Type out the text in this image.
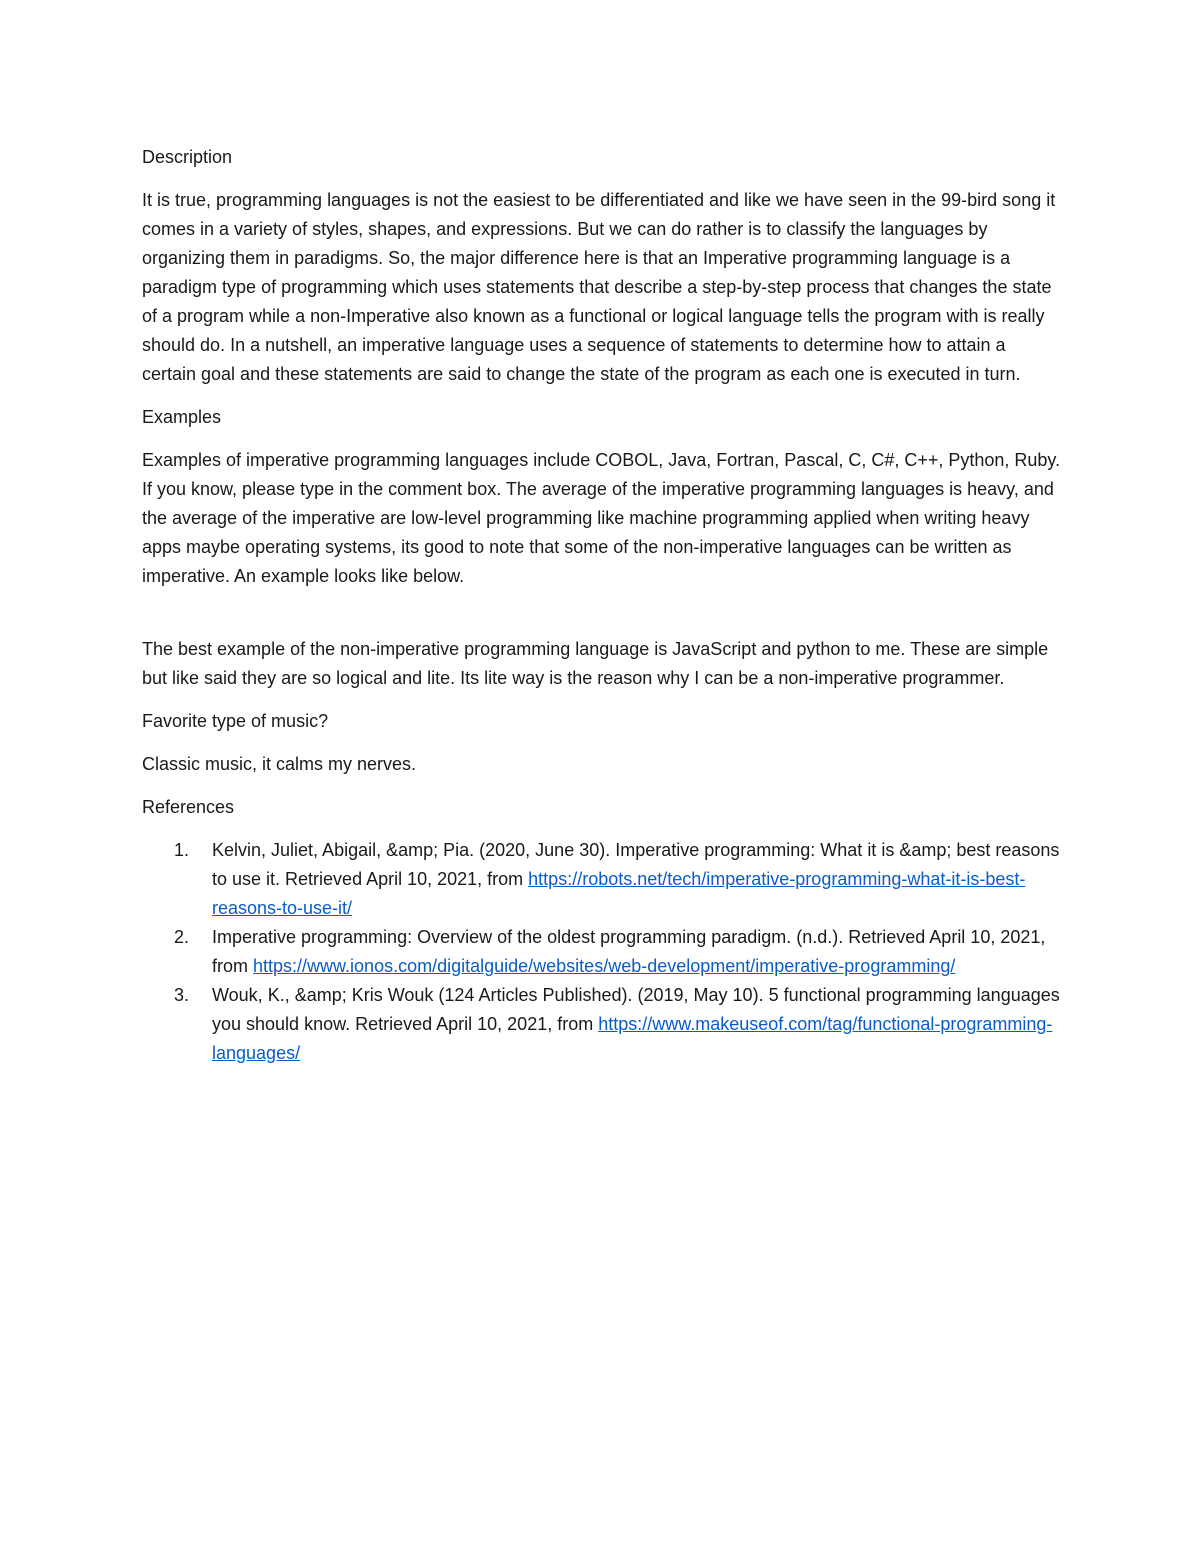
Description

It is true, programming languages is not the easiest to be differentiated and like we have seen in the 99-bird song it comes in a variety of styles, shapes, and expressions. But we can do rather is to classify the languages by organizing them in paradigms. So, the major difference here is that an Imperative programming language is a paradigm type of programming which uses statements that describe a step-by-step process that changes the state of a program while a non-Imperative also known as a functional or logical language tells the program with is really should do. In a nutshell, an imperative language uses a sequence of statements to determine how to attain a certain goal and these statements are said to change the state of the program as each one is executed in turn.

Examples

Examples of imperative programming languages include COBOL, Java, Fortran, Pascal, C, C#, C++, Python, Ruby. If you know, please type in the comment box. The average of the imperative programming languages is heavy, and the average of the imperative are low-level programming like machine programming applied when writing heavy apps maybe operating systems, its good to note that some of the non-imperative languages can be written as imperative. An example looks like below.

The best example of the non-imperative programming language is JavaScript and python to me. These are simple but like said they are so logical and lite. Its lite way is the reason why I can be a non-imperative programmer.

Favorite type of music?

Classic music, it calms my nerves.

References

1. Kelvin, Juliet, Abigail, &amp; Pia. (2020, June 30). Imperative programming: What it is &amp; best reasons to use it. Retrieved April 10, 2021, from https://robots.net/tech/imperative-programming-what-it-is-best-reasons-to-use-it/
2. Imperative programming: Overview of the oldest programming paradigm. (n.d.). Retrieved April 10, 2021, from https://www.ionos.com/digitalguide/websites/web-development/imperative-programming/
3. Wouk, K., &amp; Kris Wouk (124 Articles Published). (2019, May 10). 5 functional programming languages you should know. Retrieved April 10, 2021, from https://www.makeuseof.com/tag/functional-programming-languages/
